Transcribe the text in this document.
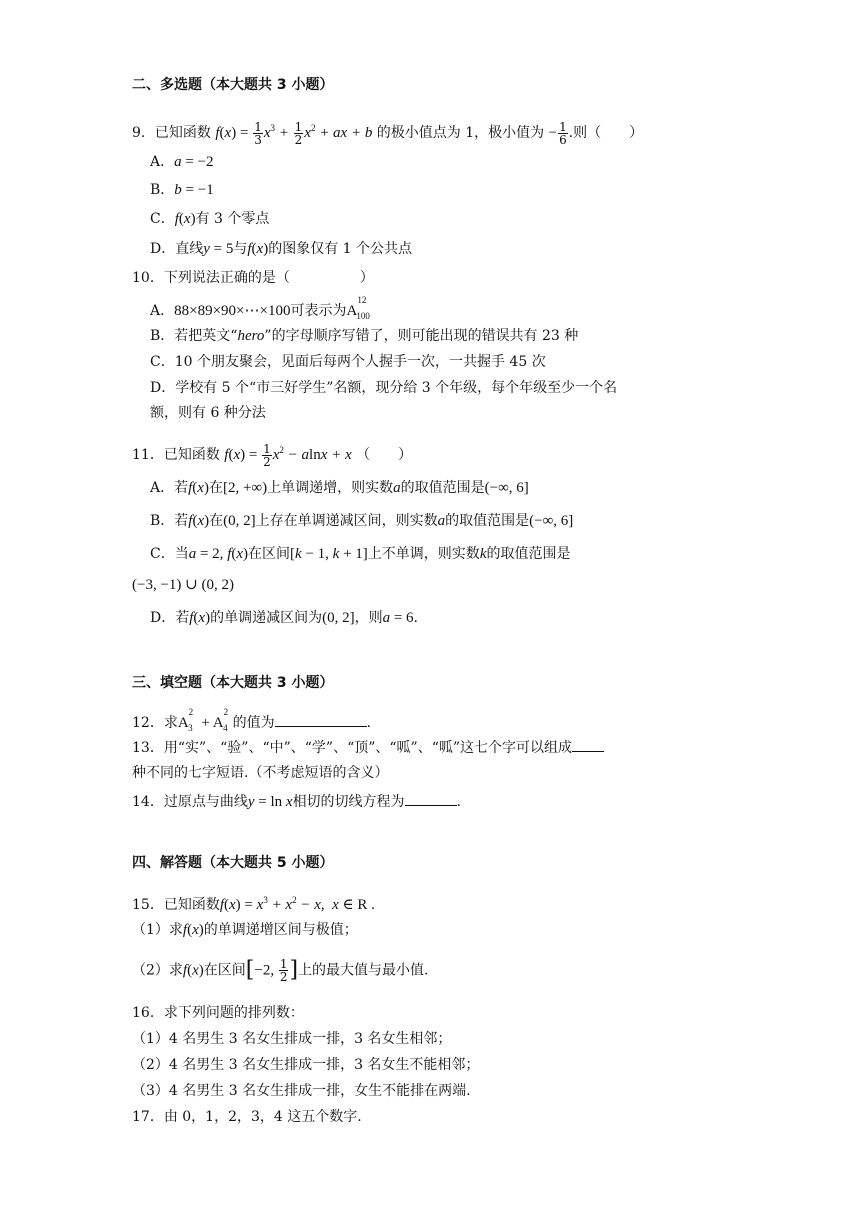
二、多选题（本大题共 3 小题）
9．已知函数 $f(x) = \frac{1}{3} x^3 + \frac{1}{2} x^2$ + ax + b 的极小值点为 1，极小值为 − $\frac{1}{6}$ .则（　　）
A．a = −2
B．b = −1
C．f(x)有 3 个零点
D．直线y = 5与f(x)的图象仅有 1 个公共点
10．下列说法正确的是（　　　　　）
A．88×89×90×⋯×100可表示为$A^{12}_{100}$
B．若把英文“hero”的字母顺序写错了，则可能出现的错误共有 23 种
C．10 个朋友聚会，见面后每两个人握手一次，一共握手 45 次
D．学校有 5 个“市三好学生”名额，现分给 3 个年级，每个年级至少一个名
额，则有 6 种分法
11．已知函数 $f(x) = \frac{1}{2} x^2 - alnx + x$ （　　）
A．若f(x)在[2, +∞)上单调递增，则实数a的取值范围是(−∞, 6]
B．若f(x)在(0, 2]上存在单调递减区间，则实数a的取值范围是(−∞, 6]
C．当a = 2, f(x)在区间[k − 1, k + 1]上不单调，则实数k的取值范围是
(−3, −1) ∪ (0, 2)
D．若f(x)的单调递减区间为(0, 2]，则a = 6.
三、填空题（本大题共 3 小题）
12．求$A^2_3 + A^2_4$ 的值为	.
13．用“实”、“验”、“中”、“学”、“顶”、“呱”、“呱”这七个字可以组成
种不同的七字短语.（不考虑短语的含义）
14．过原点与曲线y = ln x相切的切线方程为	.
四、解答题（本大题共 5 小题）
15．已知函数$f(x) = x^3 + x^2 - x$,  x ∈ R .
（1）求f(x)的单调递增区间与极值；
（2）求f(x)在区间[−2, $\frac{1}{2}$ ]上的最大值与最小值.
16．求下列问题的排列数：
（1）4 名男生 3 名女生排成一排，3 名女生相邻；
（2）4 名男生 3 名女生排成一排，3 名女生不能相邻；
（3）4 名男生 3 名女生排成一排，女生不能排在两端.
17．由 0，1，2，3，4 这五个数字.
